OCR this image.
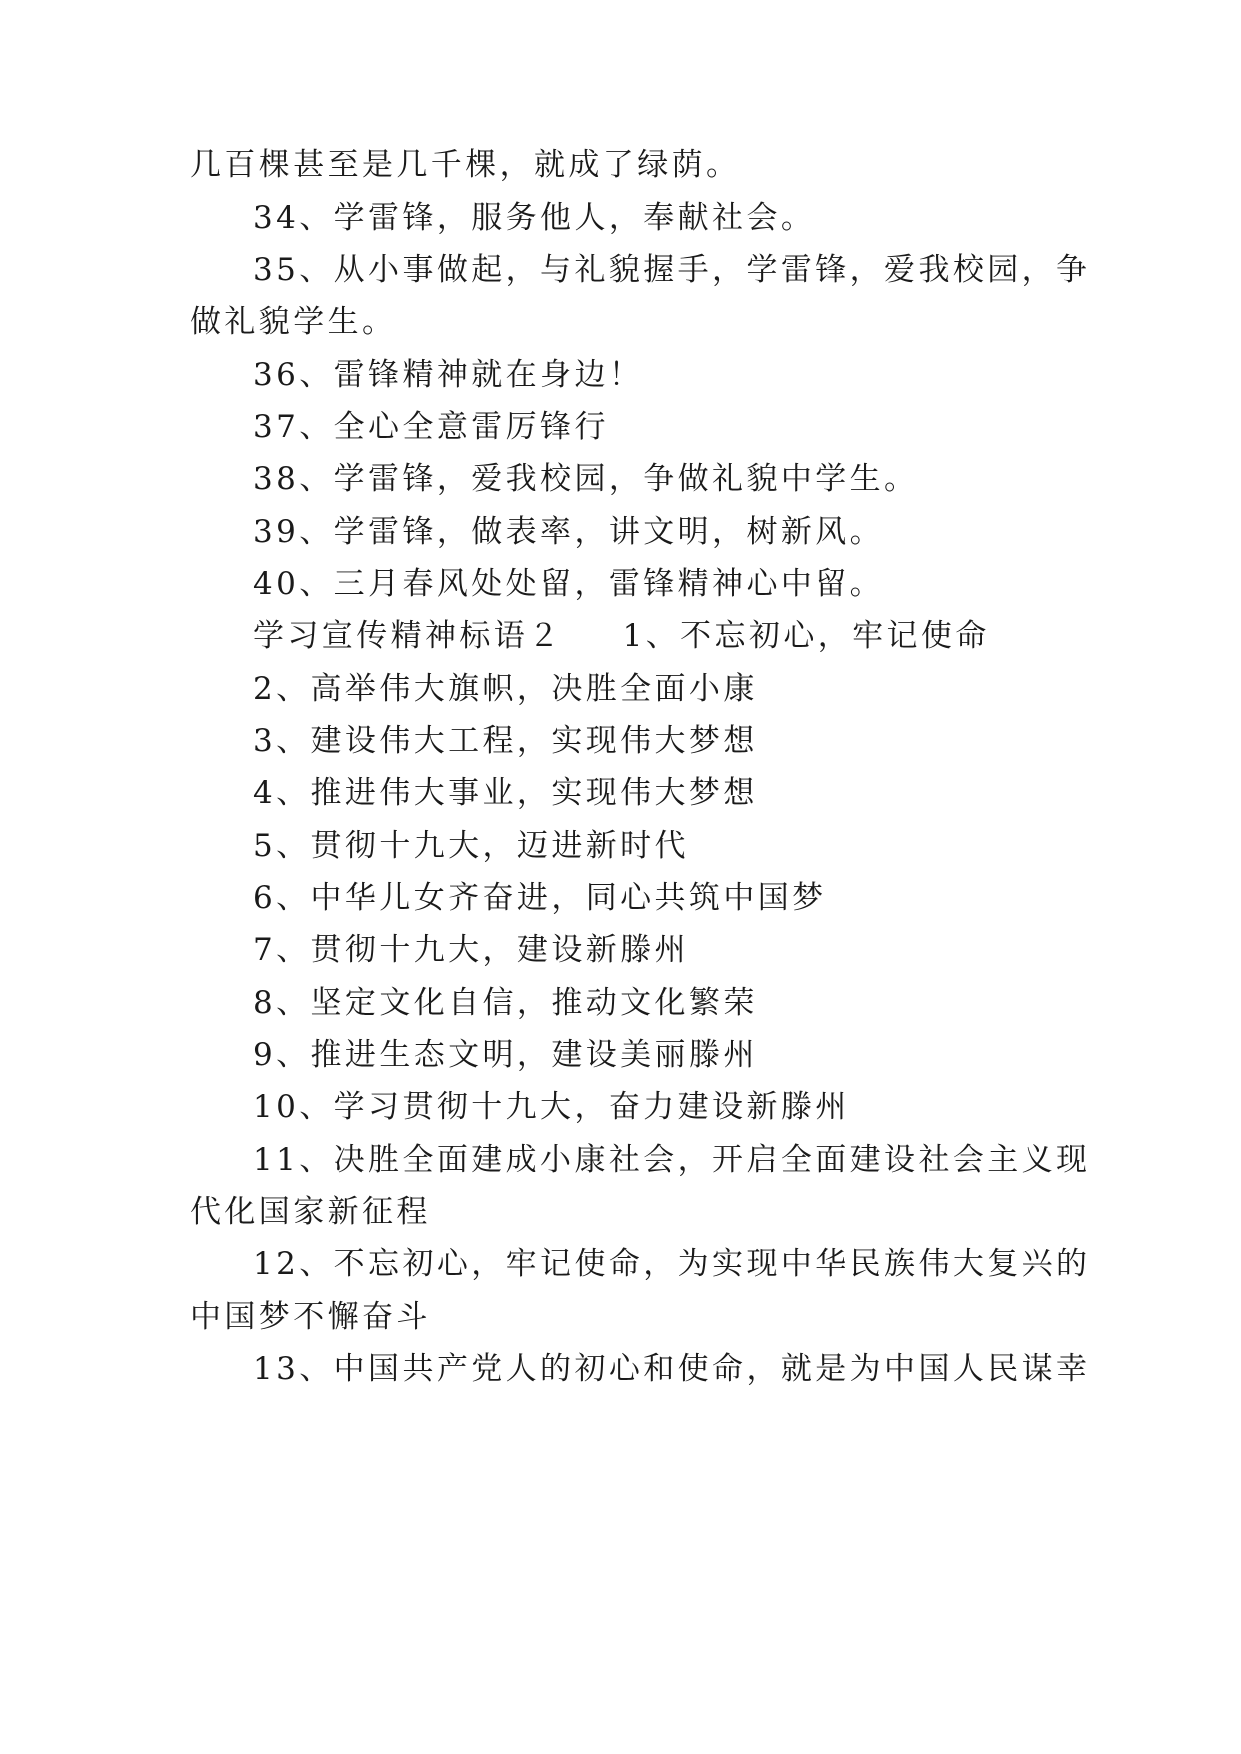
几百棵甚至是几千棵，就成了绿荫。
34、学雷锋，服务他人，奉献社会。
35、从小事做起，与礼貌握手，学雷锋，爱我校园，争
做礼貌学生。
36、雷锋精神就在身边！
37、全心全意雷厉锋行
38、学雷锋，爱我校园，争做礼貌中学生。
39、学雷锋，做表率，讲文明，树新风。
40、三月春风处处留，雷锋精神心中留。
学习宣传精神标语２ 1、不忘初心，牢记使命
2、高举伟大旗帜，决胜全面小康
3、建设伟大工程，实现伟大梦想
4、推进伟大事业，实现伟大梦想
5、贯彻十九大，迈进新时代
6、中华儿女齐奋进，同心共筑中国梦
7、贯彻十九大，建设新滕州
8、坚定文化自信，推动文化繁荣
9、推进生态文明，建设美丽滕州
10、学习贯彻十九大，奋力建设新滕州
11、决胜全面建成小康社会，开启全面建设社会主义现
代化国家新征程
12、不忘初心，牢记使命，为实现中华民族伟大复兴的
中国梦不懈奋斗
13、中国共产党人的初心和使命，就是为中国人民谋幸
